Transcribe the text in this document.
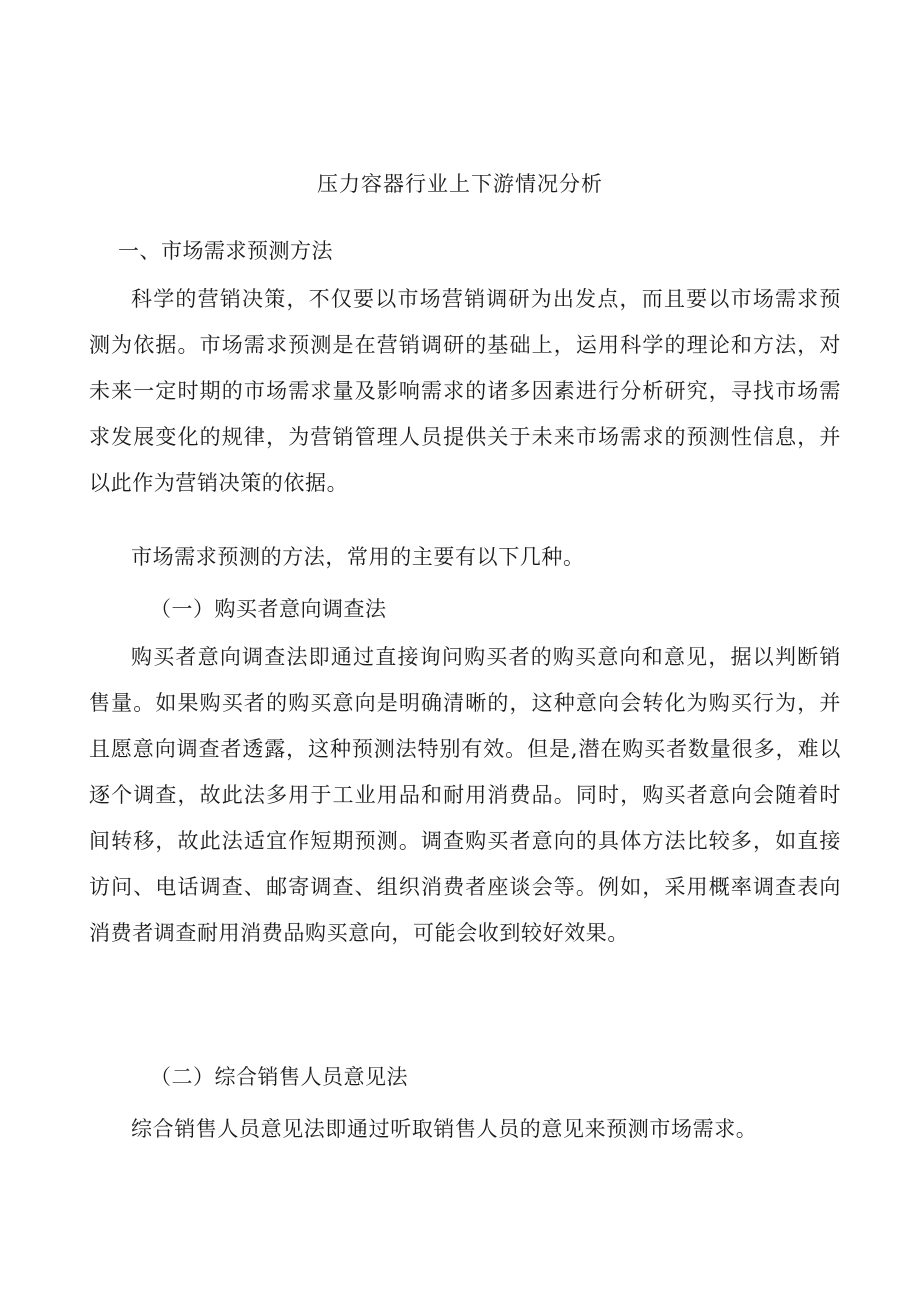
压力容器行业上下游情况分析
一、市场需求预测方法

科学的营销决策，不仅要以市场营销调研为出发点，而且要以市场需求预测为依据。市场需求预测是在营销调研的基础上，运用科学的理论和方法，对未来一定时期的市场需求量及影响需求的诸多因素进行分析研究，寻找市场需求发展变化的规律，为营销管理人员提供关于未来市场需求的预测性信息，并以此作为营销决策的依据。

市场需求预测的方法，常用的主要有以下几种。

（一）购买者意向调查法

购买者意向调查法即通过直接询问购买者的购买意向和意见，据以判断销售量。如果购买者的购买意向是明确清晰的，这种意向会转化为购买行为，并且愿意向调查者透露，这种预测法特别有效。但是,潜在购买者数量很多，难以逐个调查，故此法多用于工业用品和耐用消费品。同时，购买者意向会随着时间转移，故此法适宜作短期预测。调查购买者意向的具体方法比较多，如直接访问、电话调查、邮寄调查、组织消费者座谈会等。例如，采用概率调查表向消费者调查耐用消费品购买意向，可能会收到较好效果。

（二）综合销售人员意见法

综合销售人员意见法即通过听取销售人员的意见来预测市场需求。
